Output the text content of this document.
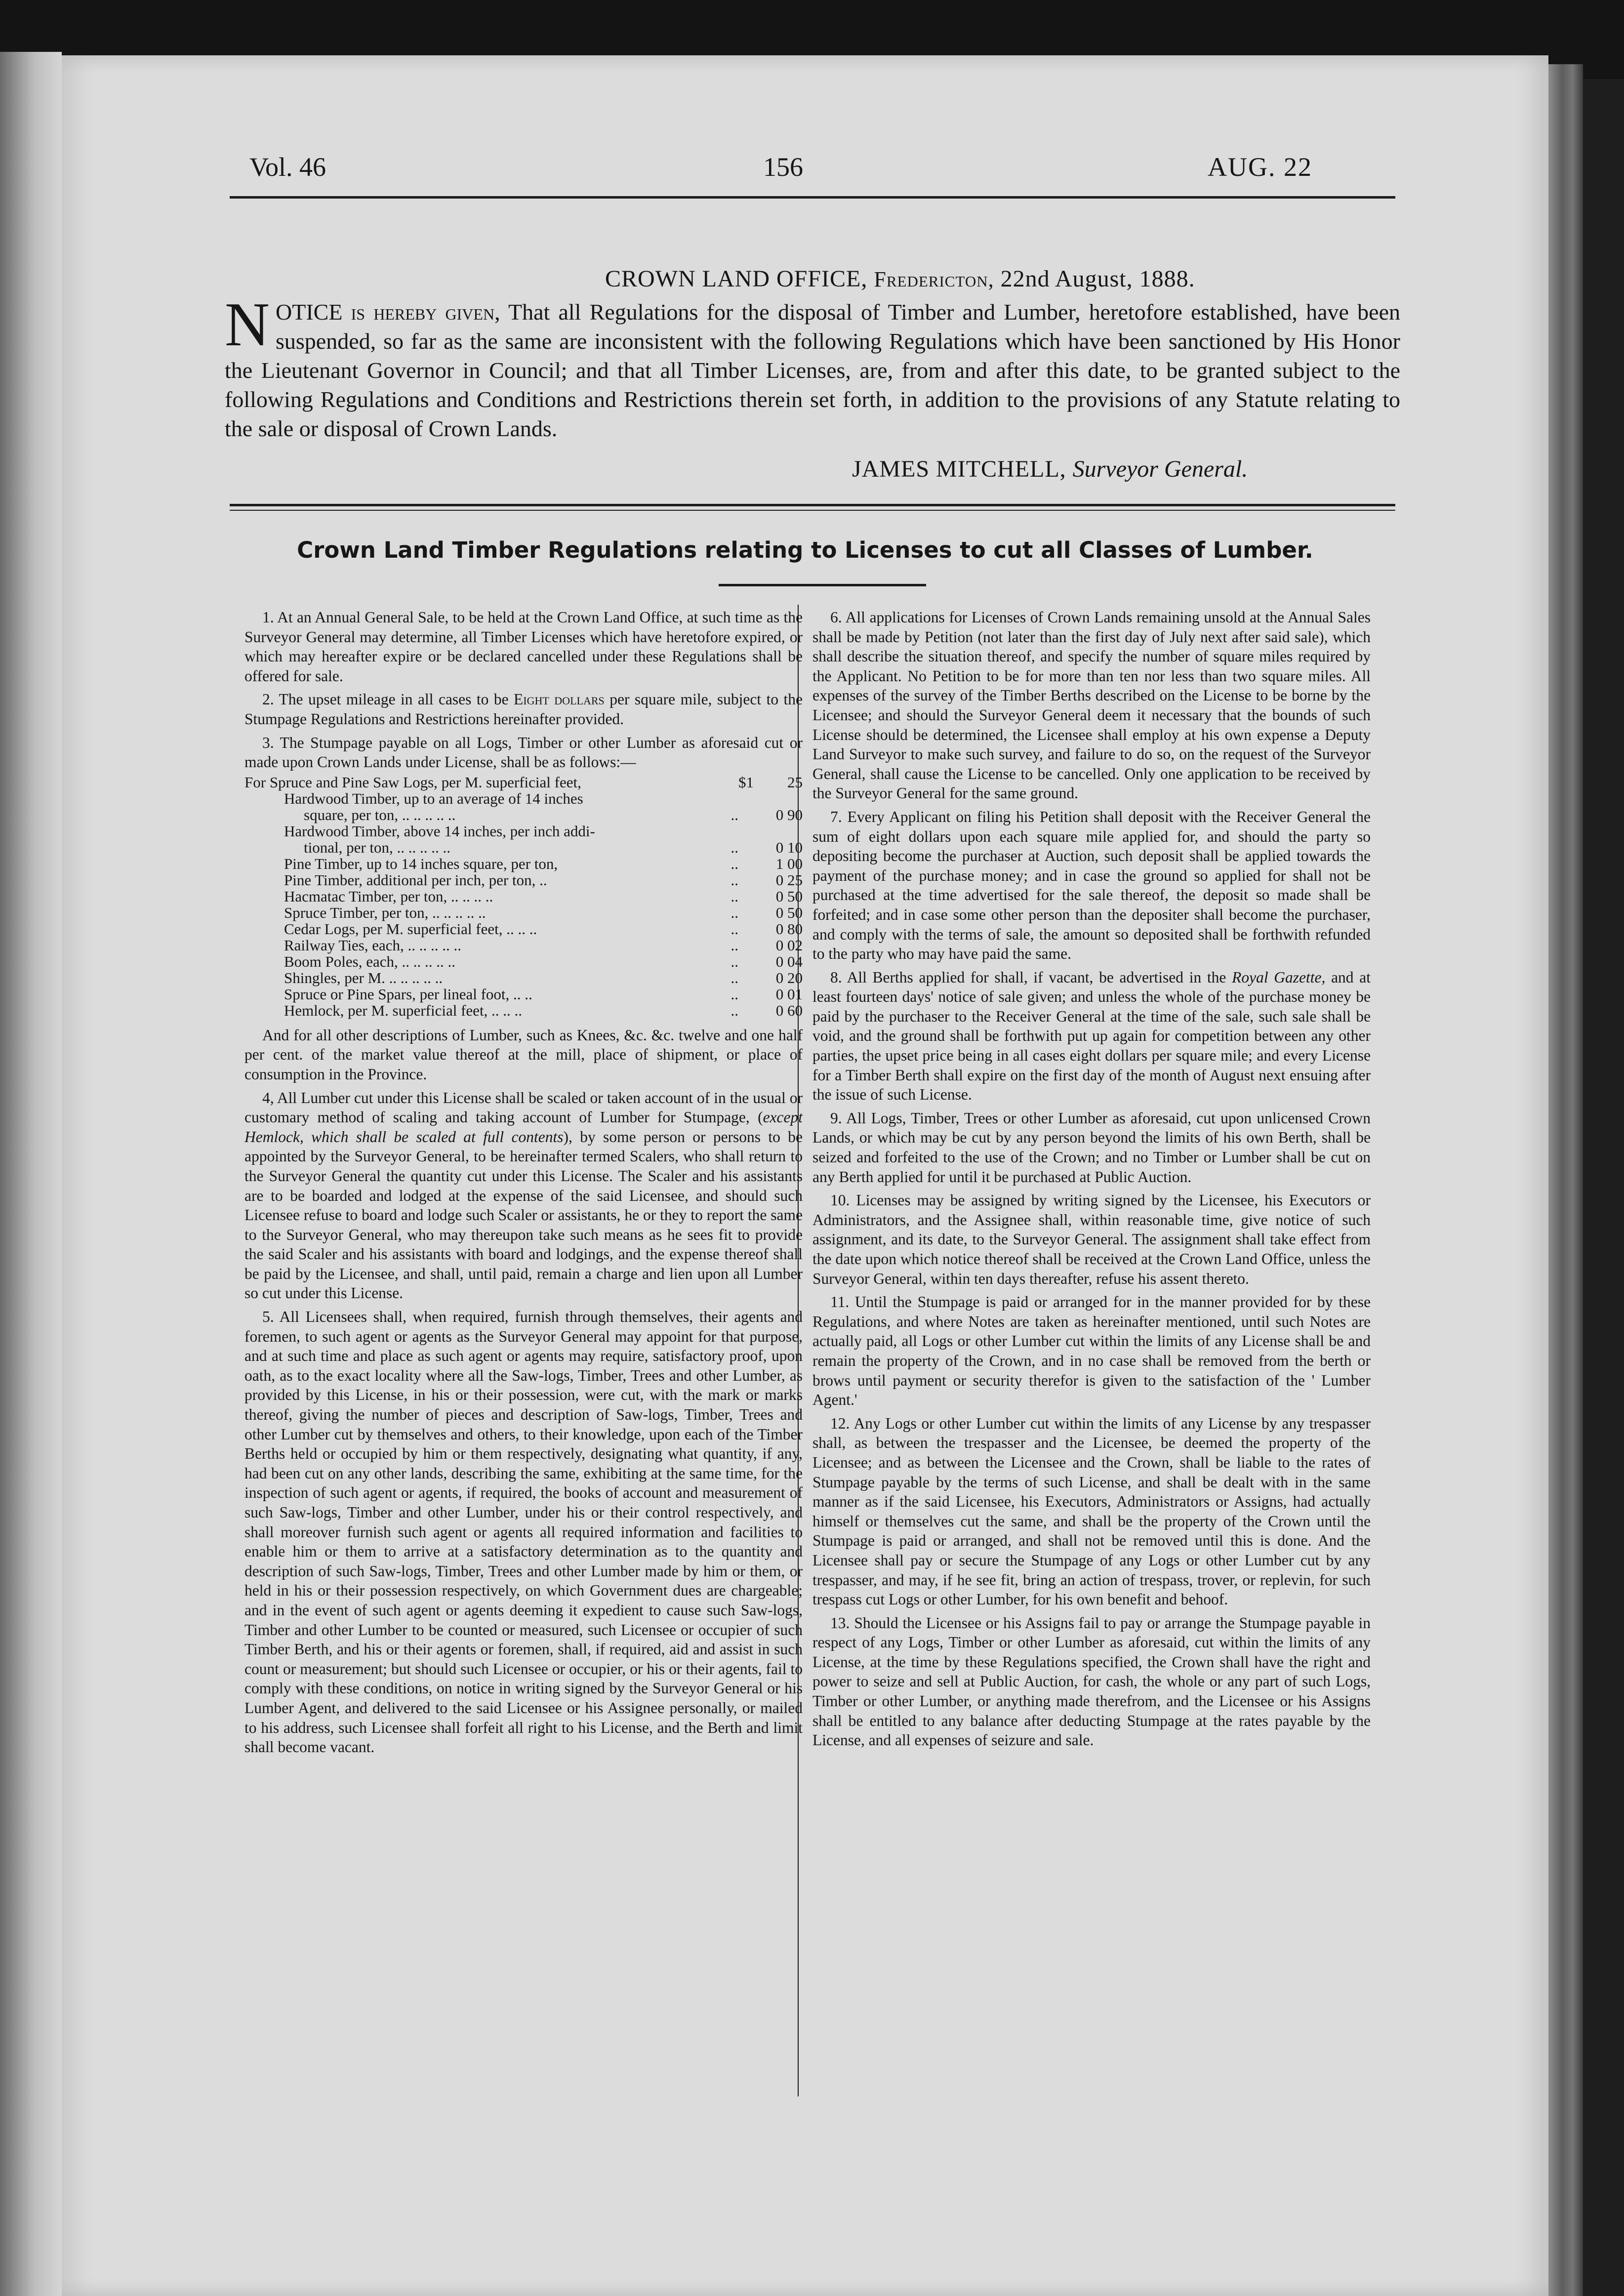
Vol. 46	156	AUG. 22
CROWN LAND OFFICE, Fredericton, 22nd August, 1888.
NOTICE is hereby given, That all Regulations for the disposal of Timber and Lumber, heretofore established, have been suspended, so far as the same are inconsistent with the following Regulations which have been sanctioned by His Honor the Lieutenant Governor in Council; and that all Timber Licenses, are, from and after this date, to be granted subject to the following Regulations and Conditions and Restrictions therein set forth, in addition to the provisions of any Statute relating to the sale or disposal of Crown Lands.
JAMES MITCHELL, Surveyor General.
Crown Land Timber Regulations relating to Licenses to cut all Classes of Lumber.

1. At an Annual General Sale, to be held at the Crown Land Office, at such time as the Surveyor General may determine, all Timber Licenses which have heretofore expired, or which may hereafter expire or be declared cancelled under these Regulations shall be offered for sale.

2. The upset mileage in all cases to be Eight dollars per square mile, subject to the Stumpage Regulations and Restrictions hereinafter provided.

3. The Stumpage payable on all Logs, Timber or other Lumber as aforesaid cut or made upon Crown Lands under License, shall be as follows:—

For Spruce and Pine Saw Logs, per M. superficial feet,	$1	25
Hardwood Timber, up to an average of 14 inches
square, per ton, .. .. .. .. ..	..	0 90
Hardwood Timber, above 14 inches, per inch addi-
tional, per ton, .. .. .. .. ..	..	0 10
Pine Timber, up to 14 inches square, per ton,	..	1 00
Pine Timber, additional per inch, per ton, ..	..	0 25
Hacmatac Timber, per ton, .. .. .. ..	..	0 50
Spruce Timber, per ton, .. .. .. .. ..	..	0 50
Cedar Logs, per M. superficial feet, .. .. ..	..	0 80
Railway Ties, each, .. .. .. .. ..	..	0 02
Boom Poles, each, .. .. .. .. ..	..	0 04
Shingles, per M. .. .. .. .. ..	..	0 20
Spruce or Pine Spars, per lineal foot, .. ..	..	0 01
Hemlock, per M. superficial feet, .. .. ..	..	0 60

And for all other descriptions of Lumber, such as Knees, &c. &c. twelve and one half per cent. of the market value thereof at the mill, place of shipment, or place of consumption in the Province.

4, All Lumber cut under this License shall be scaled or taken account of in the usual or customary method of scaling and taking account of Lumber for Stumpage, (except Hemlock, which shall be scaled at full contents), by some person or persons to be appointed by the Surveyor General, to be hereinafter termed Scalers, who shall return to the Surveyor General the quantity cut under this License. The Scaler and his assistants are to be boarded and lodged at the expense of the said Licensee, and should such Licensee refuse to board and lodge such Scaler or assistants, he or they to report the same to the Surveyor General, who may thereupon take such means as he sees fit to provide the said Scaler and his assistants with board and lodgings, and the expense thereof shall be paid by the Licensee, and shall, until paid, remain a charge and lien upon all Lumber so cut under this License.

5. All Licensees shall, when required, furnish through themselves, their agents and foremen, to such agent or agents as the Surveyor General may appoint for that purpose, and at such time and place as such agent or agents may require, satisfactory proof, upon oath, as to the exact locality where all the Saw-logs, Timber, Trees and other Lumber, as provided by this License, in his or their possession, were cut, with the mark or marks thereof, giving the number of pieces and description of Saw-logs, Timber, Trees and other Lumber cut by themselves and others, to their knowledge, upon each of the Timber Berths held or occupied by him or them respectively, designating what quantity, if any, had been cut on any other lands, describing the same, exhibiting at the same time, for the inspection of such agent or agents, if required, the books of account and measurement of such Saw-logs, Timber and other Lumber, under his or their control respectively, and shall moreover furnish such agent or agents all required information and facilities to enable him or them to arrive at a satisfactory determination as to the quantity and description of such Saw-logs, Timber, Trees and other Lumber made by him or them, or held in his or their possession respectively, on which Government dues are chargeable; and in the event of such agent or agents deeming it expedient to cause such Saw-logs, Timber and other Lumber to be counted or measured, such Licensee or occupier of such Timber Berth, and his or their agents or foremen, shall, if required, aid and assist in such count or measurement; but should such Licensee or occupier, or his or their agents, fail to comply with these conditions, on notice in writing signed by the Surveyor General or his Lumber Agent, and delivered to the said Licensee or his Assignee personally, or mailed to his address, such Licensee shall forfeit all right to his License, and the Berth and limit shall become vacant.

6. All applications for Licenses of Crown Lands remaining unsold at the Annual Sales shall be made by Petition (not later than the first day of July next after said sale), which shall describe the situation thereof, and specify the number of square miles required by the Applicant. No Petition to be for more than ten nor less than two square miles. All expenses of the survey of the Timber Berths described on the License to be borne by the Licensee; and should the Surveyor General deem it necessary that the bounds of such License should be determined, the Licensee shall employ at his own expense a Deputy Land Surveyor to make such survey, and failure to do so, on the request of the Surveyor General, shall cause the License to be cancelled. Only one application to be received by the Surveyor General for the same ground.

7. Every Applicant on filing his Petition shall deposit with the Receiver General the sum of eight dollars upon each square mile applied for, and should the party so depositing become the purchaser at Auction, such deposit shall be applied towards the payment of the purchase money; and in case the ground so applied for shall not be purchased at the time advertised for the sale thereof, the deposit so made shall be forfeited; and in case some other person than the depositer shall become the purchaser, and comply with the terms of sale, the amount so deposited shall be forthwith refunded to the party who may have paid the same.

8. All Berths applied for shall, if vacant, be advertised in the Royal Gazette, and at least fourteen days' notice of sale given; and unless the whole of the purchase money be paid by the purchaser to the Receiver General at the time of the sale, such sale shall be void, and the ground shall be forthwith put up again for competition between any other parties, the upset price being in all cases eight dollars per square mile; and every License for a Timber Berth shall expire on the first day of the month of August next ensuing after the issue of such License.

9. All Logs, Timber, Trees or other Lumber as aforesaid, cut upon unlicensed Crown Lands, or which may be cut by any person beyond the limits of his own Berth, shall be seized and forfeited to the use of the Crown; and no Timber or Lumber shall be cut on any Berth applied for until it be purchased at Public Auction.

10. Licenses may be assigned by writing signed by the Licensee, his Executors or Administrators, and the Assignee shall, within reasonable time, give notice of such assignment, and its date, to the Surveyor General. The assignment shall take effect from the date upon which notice thereof shall be received at the Crown Land Office, unless the Surveyor General, within ten days thereafter, refuse his assent thereto.

11. Until the Stumpage is paid or arranged for in the manner provided for by these Regulations, and where Notes are taken as hereinafter mentioned, until such Notes are actually paid, all Logs or other Lumber cut within the limits of any License shall be and remain the property of the Crown, and in no case shall be removed from the berth or brows until payment or security therefor is given to the satisfaction of the ' Lumber Agent.'

12. Any Logs or other Lumber cut within the limits of any License by any trespasser shall, as between the trespasser and the Licensee, be deemed the property of the Licensee; and as between the Licensee and the Crown, shall be liable to the rates of Stumpage payable by the terms of such License, and shall be dealt with in the same manner as if the said Licensee, his Executors, Administrators or Assigns, had actually himself or themselves cut the same, and shall be the property of the Crown until the Stumpage is paid or arranged, and shall not be removed until this is done. And the Licensee shall pay or secure the Stumpage of any Logs or other Lumber cut by any trespasser, and may, if he see fit, bring an action of trespass, trover, or replevin, for such trespass cut Logs or other Lumber, for his own benefit and behoof.

13. Should the Licensee or his Assigns fail to pay or arrange the Stumpage payable in respect of any Logs, Timber or other Lumber as aforesaid, cut within the limits of any License, at the time by these Regulations specified, the Crown shall have the right and power to seize and sell at Public Auction, for cash, the whole or any part of such Logs, Timber or other Lumber, or anything made therefrom, and the Licensee or his Assigns shall be entitled to any balance after deducting Stumpage at the rates payable by the License, and all expenses of seizure and sale.
